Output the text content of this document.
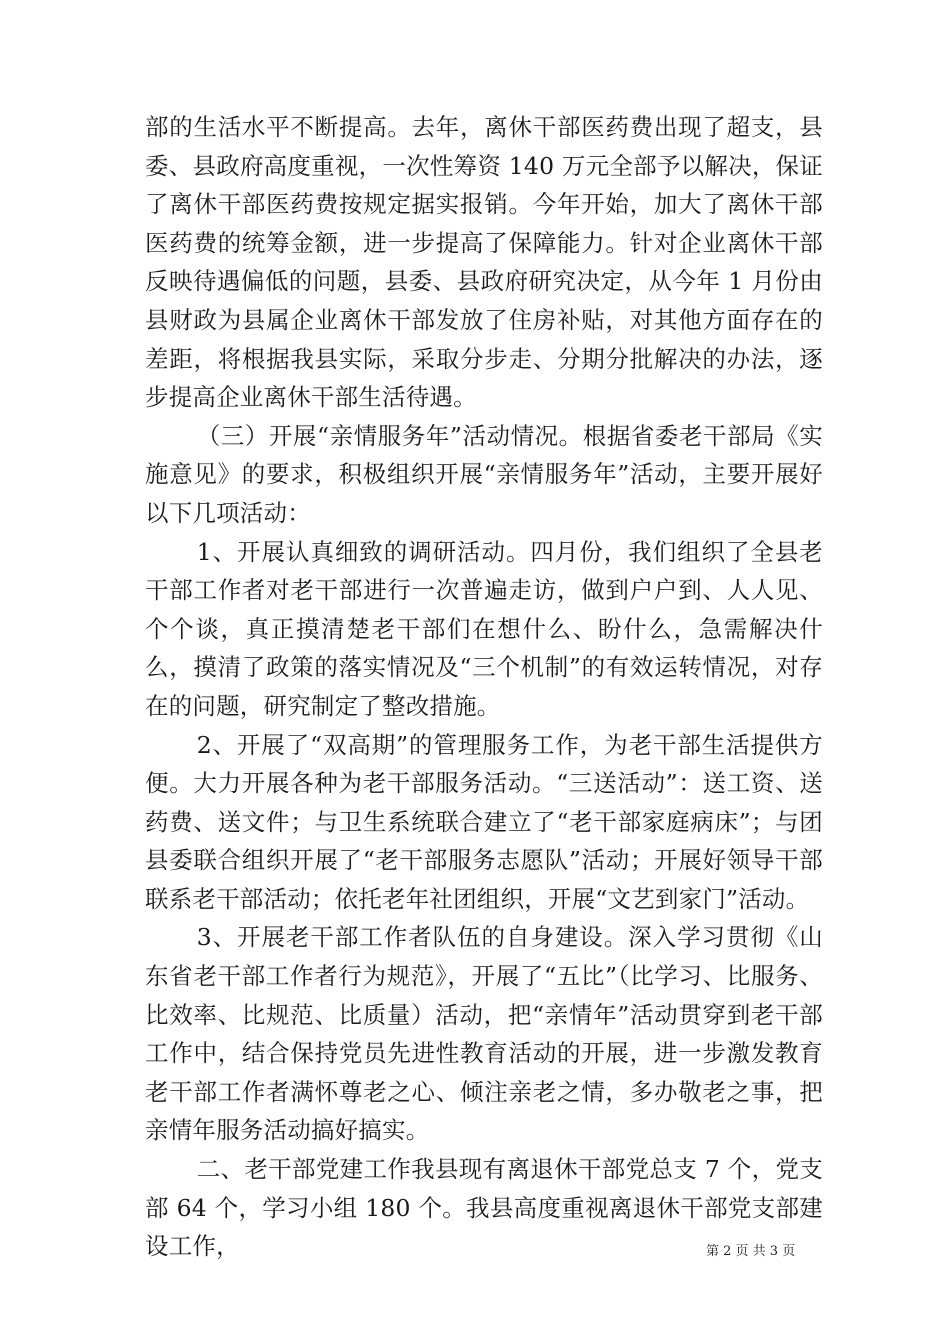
部的生活水平不断提高。去年，离休干部医药费出现了超支，县委、县政府高度重视，一次性筹资 140 万元全部予以解决，保证了离休干部医药费按规定据实报销。今年开始，加大了离休干部医药费的统筹金额，进一步提高了保障能力。针对企业离休干部反映待遇偏低的问题，县委、县政府研究决定，从今年 1 月份由县财政为县属企业离休干部发放了住房补贴，对其他方面存在的差距，将根据我县实际，采取分步走、分期分批解决的办法，逐步提高企业离休干部生活待遇。

（三）开展“亲情服务年”活动情况。根据省委老干部局《实施意见》的要求，积极组织开展“亲情服务年”活动，主要开展好以下几项活动：

1、开展认真细致的调研活动。四月份，我们组织了全县老干部工作者对老干部进行一次普遍走访，做到户户到、人人见、个个谈，真正摸清楚老干部们在想什么、盼什么，急需解决什么，摸清了政策的落实情况及“三个机制”的有效运转情况，对存在的问题，研究制定了整改措施。

2、开展了“双高期”的管理服务工作，为老干部生活提供方便。大力开展各种为老干部服务活动。“三送活动”：送工资、送药费、送文件；与卫生系统联合建立了“老干部家庭病床”；与团县委联合组织开展了“老干部服务志愿队”活动；开展好领导干部联系老干部活动；依托老年社团组织，开展“文艺到家门”活动。

3、开展老干部工作者队伍的自身建设。深入学习贯彻《山东省老干部工作者行为规范》，开展了“五比”（比学习、比服务、比效率、比规范、比质量）活动，把“亲情年”活动贯穿到老干部工作中，结合保持党员先进性教育活动的开展，进一步激发教育老干部工作者满怀尊老之心、倾注亲老之情，多办敬老之事，把亲情年服务活动搞好搞实。

二、老干部党建工作我县现有离退休干部党总支 7 个，党支部 64 个，学习小组 180 个。我县高度重视离退休干部党支部建设工作，	第 2 页 共 3 页
